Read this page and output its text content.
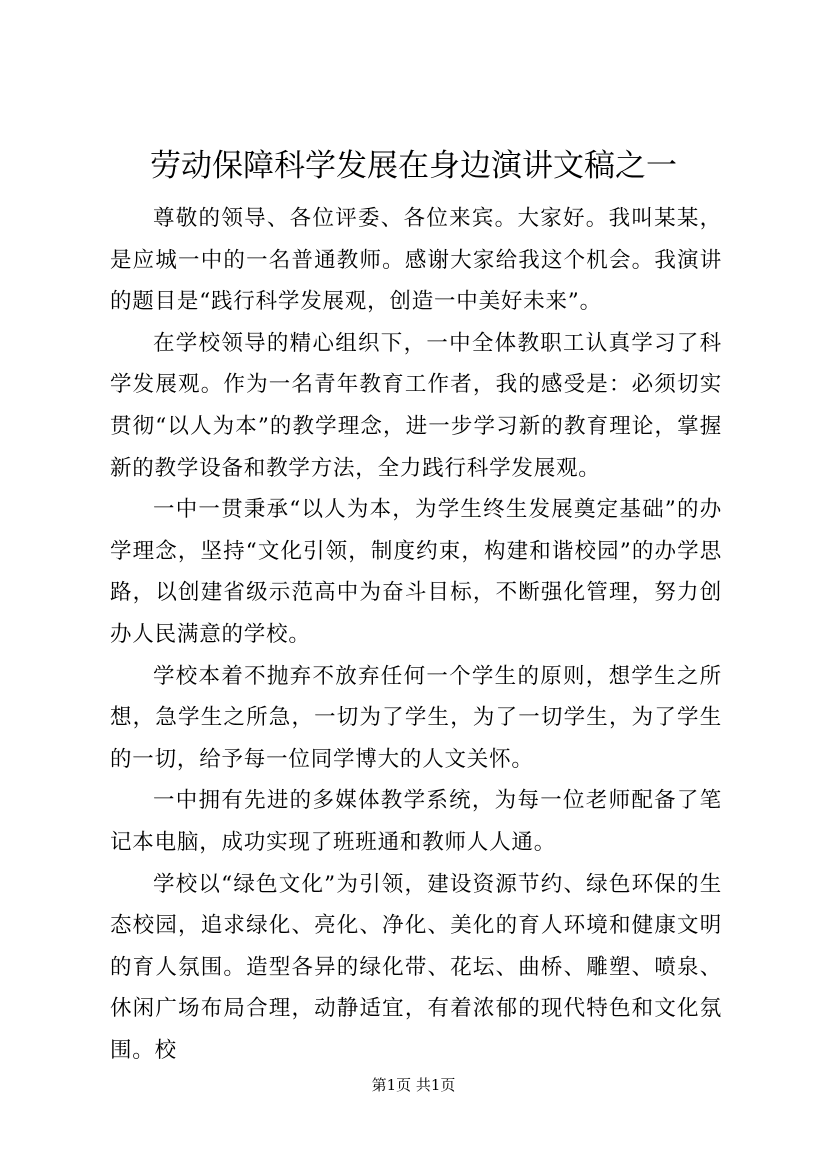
劳动保障科学发展在身边演讲文稿之一

尊敬的领导、各位评委、各位来宾。大家好。我叫某某，是应城一中的一名普通教师。感谢大家给我这个机会。我演讲的题目是“践行科学发展观，创造一中美好未来”。

在学校领导的精心组织下，一中全体教职工认真学习了科学发展观。作为一名青年教育工作者，我的感受是：必须切实贯彻“以人为本”的教学理念，进一步学习新的教育理论，掌握新的教学设备和教学方法，全力践行科学发展观。

一中一贯秉承“以人为本，为学生终生发展奠定基础”的办学理念，坚持“文化引领，制度约束，构建和谐校园”的办学思路，以创建省级示范高中为奋斗目标，不断强化管理，努力创办人民满意的学校。

学校本着不抛弃不放弃任何一个学生的原则，想学生之所想，急学生之所急，一切为了学生，为了一切学生，为了学生的一切，给予每一位同学博大的人文关怀。

一中拥有先进的多媒体教学系统，为每一位老师配备了笔记本电脑，成功实现了班班通和教师人人通。

学校以“绿色文化”为引领，建设资源节约、绿色环保的生态校园，追求绿化、亮化、净化、美化的育人环境和健康文明的育人氛围。造型各异的绿化带、花坛、曲桥、雕塑、喷泉、休闲广场布局合理，动静适宜，有着浓郁的现代特色和文化氛围。校

第1页 共1页
